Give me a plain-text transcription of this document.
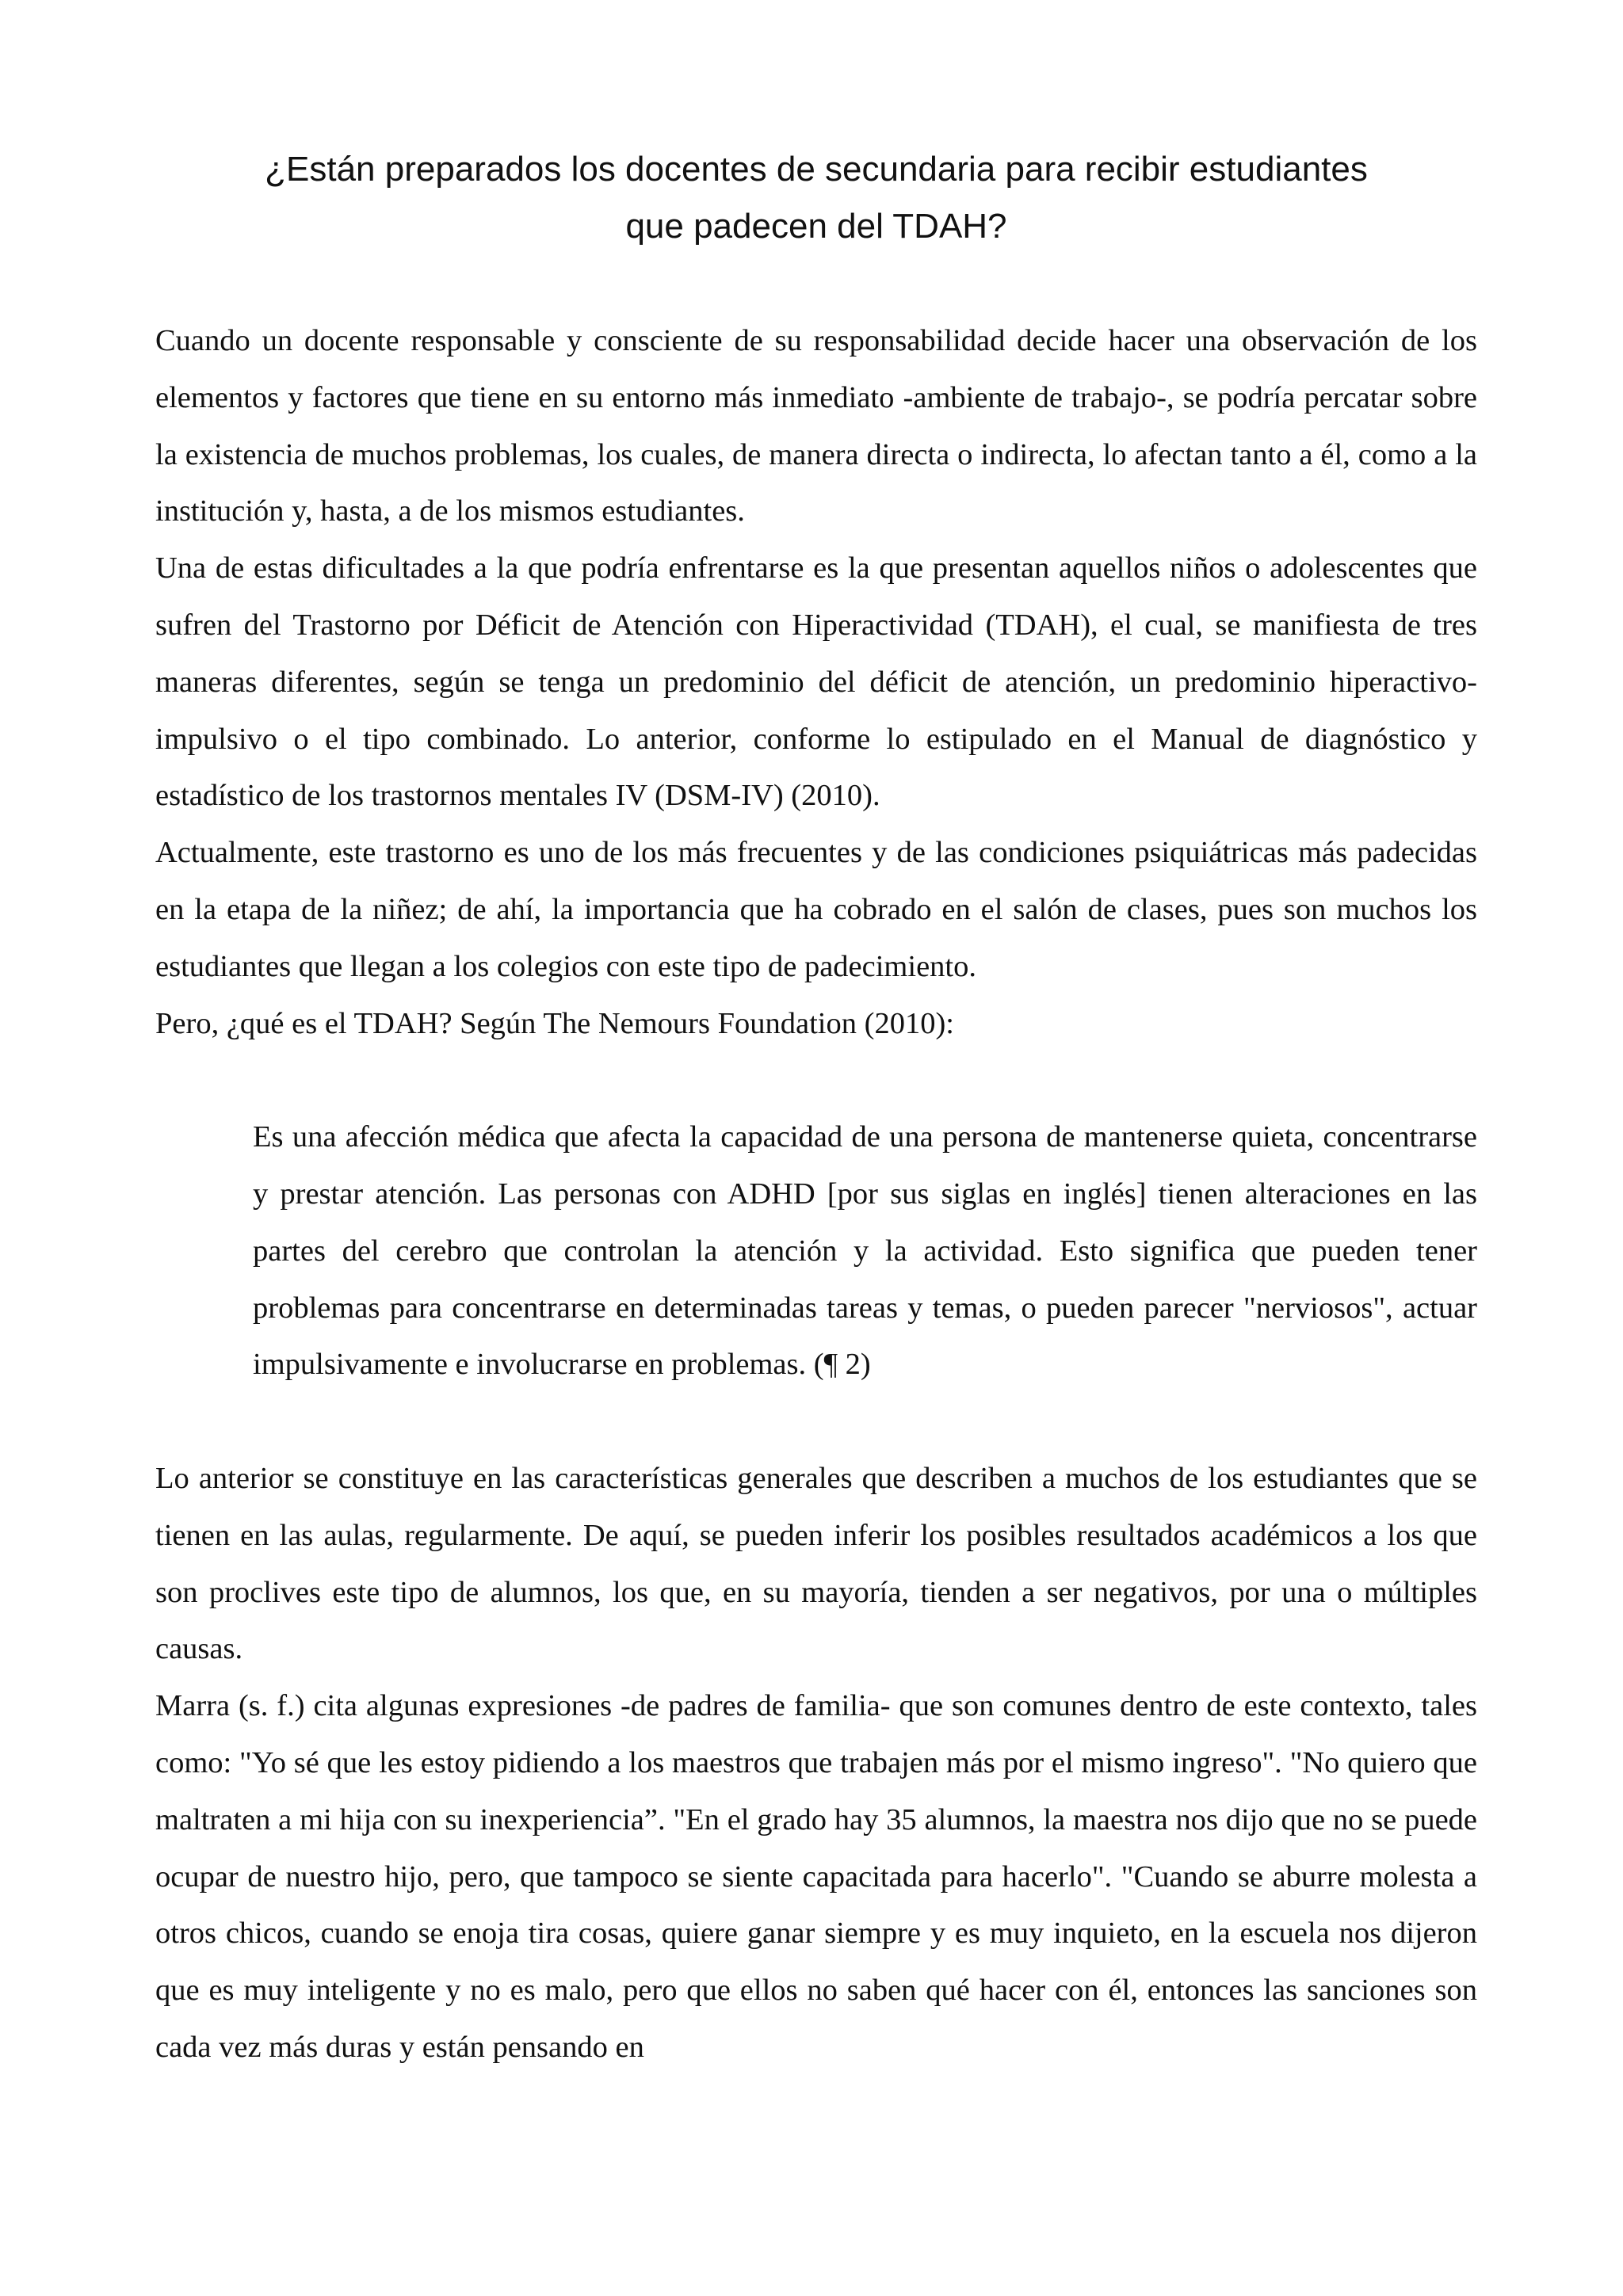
¿Están preparados los docentes de secundaria para recibir estudiantes
que padecen del TDAH?

Cuando un docente responsable y consciente de su responsabilidad decide hacer una observación de los elementos y factores que tiene en su entorno más inmediato -ambiente de trabajo-, se podría percatar sobre la existencia de muchos problemas, los cuales, de manera directa o indirecta, lo afectan tanto a él, como a la institución y, hasta, a de los mismos estudiantes.

Una de estas dificultades a la que podría enfrentarse es la que presentan aquellos niños o adolescentes que sufren del Trastorno por Déficit de Atención con Hiperactividad (TDAH), el cual, se manifiesta de tres maneras diferentes, según se tenga un predominio del déficit de atención, un predominio hiperactivo-impulsivo o el tipo combinado. Lo anterior, conforme lo estipulado en el Manual de diagnóstico y estadístico de los trastornos mentales IV (DSM-IV) (2010).

Actualmente, este trastorno es uno de los más frecuentes y de las condiciones psiquiátricas más padecidas en la etapa de la niñez; de ahí, la importancia que ha cobrado en el salón de clases, pues son muchos los estudiantes que llegan a los colegios con este tipo de padecimiento.

Pero, ¿qué es el TDAH? Según The Nemours Foundation (2010):

Es una afección médica que afecta la capacidad de una persona de mantenerse quieta, concentrarse y prestar atención. Las personas con ADHD [por sus siglas en inglés] tienen alteraciones en las partes del cerebro que controlan la atención y la actividad. Esto significa que pueden tener problemas para concentrarse en determinadas tareas y temas, o pueden parecer "nerviosos", actuar impulsivamente e involucrarse en problemas. (¶ 2)

Lo anterior se constituye en las características generales que describen a muchos de los estudiantes que se tienen en las aulas, regularmente. De aquí, se pueden inferir los posibles resultados académicos a los que son proclives este tipo de alumnos, los que, en su mayoría, tienden a ser negativos, por una o múltiples causas.

Marra (s. f.) cita algunas expresiones -de padres de familia- que son comunes dentro de este contexto, tales como: "Yo sé que les estoy pidiendo a los maestros que trabajen más por el mismo ingreso". "No quiero que maltraten a mi hija con su inexperiencia”. "En el grado hay 35 alumnos, la maestra nos dijo que no se puede ocupar de nuestro hijo, pero, que tampoco se siente capacitada para hacerlo". "Cuando se aburre molesta a otros chicos, cuando se enoja tira cosas, quiere ganar siempre y es muy inquieto, en la escuela nos dijeron que es muy inteligente y no es malo, pero que ellos no saben qué hacer con él, entonces las sanciones son cada vez más duras y están pensando en
